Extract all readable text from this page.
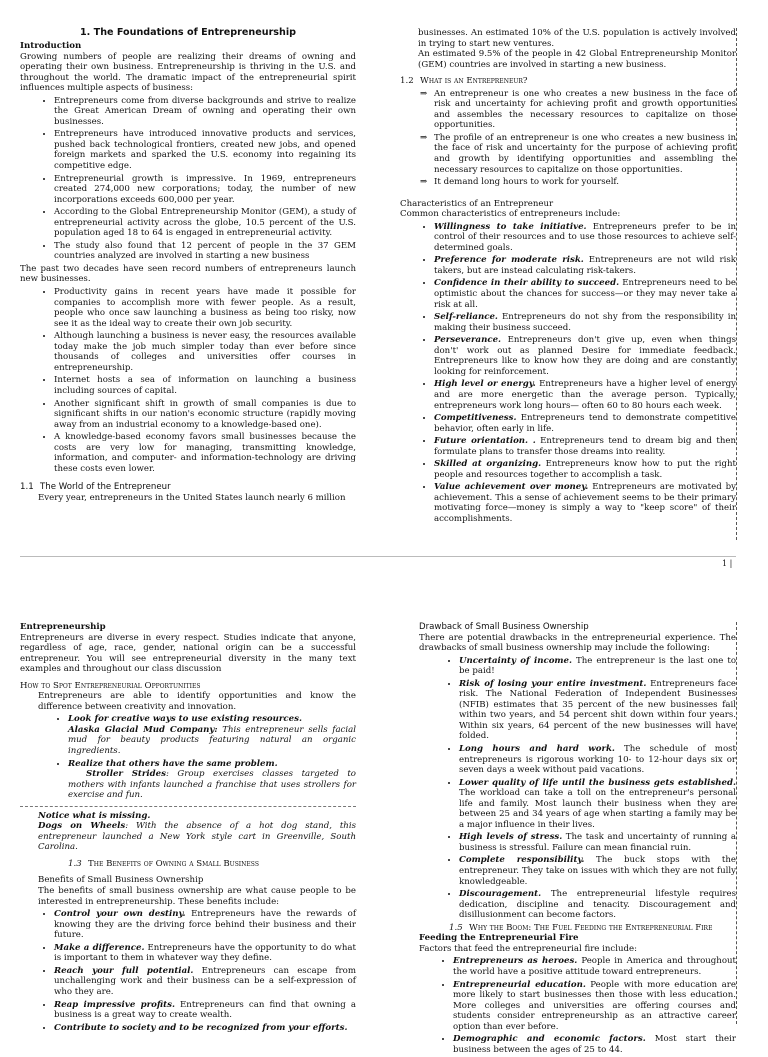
1. The Foundations of Entrepreneurship

Introduction

Growing numbers of people are realizing their dreams of owning and operating their own business. Entrepreneurship is thriving in the U.S. and throughout the world. The dramatic impact of the entrepreneurial spirit influences multiple aspects of business:

• Entrepreneurs come from diverse backgrounds and strive to realize the Great American Dream of owning and operating their own businesses.
• Entrepreneurs have introduced innovative products and services, pushed back technological frontiers, created new jobs, and opened foreign markets and sparked the U.S. economy into regaining its competitive edge.
• Entrepreneurial growth is impressive. In 1969, entrepreneurs created 274,000 new corporations; today, the number of new incorporations exceeds 600,000 per year.
• According to the Global Entrepreneurship Monitor (GEM), a study of entrepreneurial activity across the globe, 10.5 percent of the U.S. population aged 18 to 64 is engaged in entrepreneurial activity.
• The study also found that 12 percent of people in the 37 GEM countries analyzed are involved in starting a new business

The past two decades have seen record numbers of entrepreneurs launch new businesses.

• Productivity gains in recent years have made it possible for companies to accomplish more with fewer people. As a result, people who once saw launching a business as being too risky, now see it as the ideal way to create their own job security.
• Although launching a business is never easy, the resources available today make the job much simpler today than ever before since thousands of colleges and universities offer courses in entrepreneurship.
• Internet hosts a sea of information on launching a business including sources of capital.
• Another significant shift in growth of small companies is due to significant shifts in our nation's economic structure (rapidly moving away from an industrial economy to a knowledge-based one).
• A knowledge-based economy favors small businesses because the costs are very low for managing, transmitting knowledge, information, and computer- and information-technology are driving these costs even lower.

1.1 The World of the Entrepreneur

Every year, entrepreneurs in the United States launch nearly 6 million

businesses. An estimated 10% of the U.S. population is actively involved in trying to start new ventures.

An estimated 9.5% of the people in 42 Global Entrepreneurship Monitor (GEM) countries are involved in starting a new business.

1.2 What is an Entrepreneur?

⇒ An entrepreneur is one who creates a new business in the face of risk and uncertainty for achieving profit and growth opportunities and assembles the necessary resources to capitalize on those opportunities.
⇒ The profile of an entrepreneur is one who creates a new business in the face of risk and uncertainty for the purpose of achieving profit and growth by identifying opportunities and assembling the necessary resources to capitalize on those opportunities.
⇒ It demand long hours to work for yourself.

Characteristics of an Entrepreneur

Common characteristics of entrepreneurs include:

• Willingness to take initiative. Entrepreneurs prefer to be in control of their resources and to use those resources to achieve self-determined goals.
• Preference for moderate risk. Entrepreneurs are not wild risk takers, but are instead calculating risk-takers.
• Confidence in their ability to succeed. Entrepreneurs need to be optimistic about the chances for success—or they may never take a risk at all.
• Self-reliance. Entrepreneurs do not shy from the responsibility in making their business succeed.
• Perseverance. Entrepreneurs don't give up, even when things don't' work out as planned Desire for immediate feedback. Entrepreneurs like to know how they are doing and are constantly looking for reinforcement.
• High level or energy. Entrepreneurs have a higher level of energy and are more energetic than the average person. Typically, entrepreneurs work long hours— often 60 to 80 hours each week.
• Competitiveness. Entrepreneurs tend to demonstrate competitive behavior, often early in life.
• Future orientation. . Entrepreneurs tend to dream big and then formulate plans to transfer those dreams into reality.
• Skilled at organizing. Entrepreneurs know how to put the right people and resources together to accomplish a task.
• Value achievement over money. Entrepreneurs are motivated by achievement. This a sense of achievement seems to be their primary motivating force—money is simply a way to "keep score" of their accomplishments.
1 |

Entrepreneurship

Entrepreneurs are diverse in every respect. Studies indicate that anyone, regardless of age, race, gender, national origin can be a successful entrepreneur. You will see entrepreneurial diversity in the many text examples and throughout our class discussion

How to Spot Entrepreneurial Opportunities

Entrepreneurs are able to identify opportunities and know the difference between creativity and innovation.

• Look for creative ways to use existing resources.
Alaska Glacial Mud Company: This entrepreneur sells facial mud for beauty products featuring natural an organic ingredients.
• Realize that others have the same problem.
Stroller Strides: Group exercises classes targeted to mothers with infants launched a franchise that uses strollers for exercise and fun.

Notice what is missing.

Dogs on Wheels: With the absence of a hot dog stand, this entrepreneur launched a New York style cart in Greenville, South Carolina.

1.3 The Benefits of Owning a Small Business

Benefits of Small Business Ownership

The benefits of small business ownership are what cause people to be interested in entrepreneurship. These benefits include:

• Control your own destiny. Entrepreneurs have the rewards of knowing they are the driving force behind their business and their future.
• Make a difference. Entrepreneurs have the opportunity to do what is important to them in whatever way they define.
• Reach your full potential. Entrepreneurs can escape from unchallenging work and their business can be a self-expression of who they are.
• Reap impressive profits. Entrepreneurs can find that owning a business is a great way to create wealth.
• Contribute to society and to be recognized from your efforts.

Drawback of Small Business Ownership

There are potential drawbacks in the entrepreneurial experience. The drawbacks of small business ownership may include the following:

• Uncertainty of income. The entrepreneur is the last one to be paid!
• Risk of losing your entire investment. Entrepreneurs face risk. The National Federation of Independent Businesses (NFIB) estimates that 35 percent of the new businesses fail within two years, and 54 percent shit down within four years. Within six years, 64 percent of the new businesses will have folded.
• Long hours and hard work. The schedule of most entrepreneurs is rigorous working 10- to 12-hour days six or seven days a week without paid vacations.
• Lower quality of life until the business gets established. The workload can take a toll on the entrepreneur's personal life and family. Most launch their business when they are between 25 and 34 years of age when starting a family may be a major influence in their lives.
• High levels of stress. The task and uncertainty of running a business is stressful. Failure can mean financial ruin.
• Complete responsibility. The buck stops with the entrepreneur. They take on issues with which they are not fully knowledgeable.
• Discouragement. The entrepreneurial lifestyle requires dedication, discipline and tenacity. Discouragement and disillusionment can become factors.

1.5 Why the Boom: The Fuel Feeding the Entrepreneurial Fire

Feeding the Entrepreneurial Fire

Factors that feed the entrepreneurial fire include:

• Entrepreneurs as heroes. People in America and throughout the world have a positive attitude toward entrepreneurs.
• Entrepreneurial education. People with more education are more likely to start businesses then those with less education. More colleges and universities are offering courses and students consider entrepreneurship as an attractive career option than ever before.
• Demographic and economic factors. Most start their business between the ages of 25 to 44.
